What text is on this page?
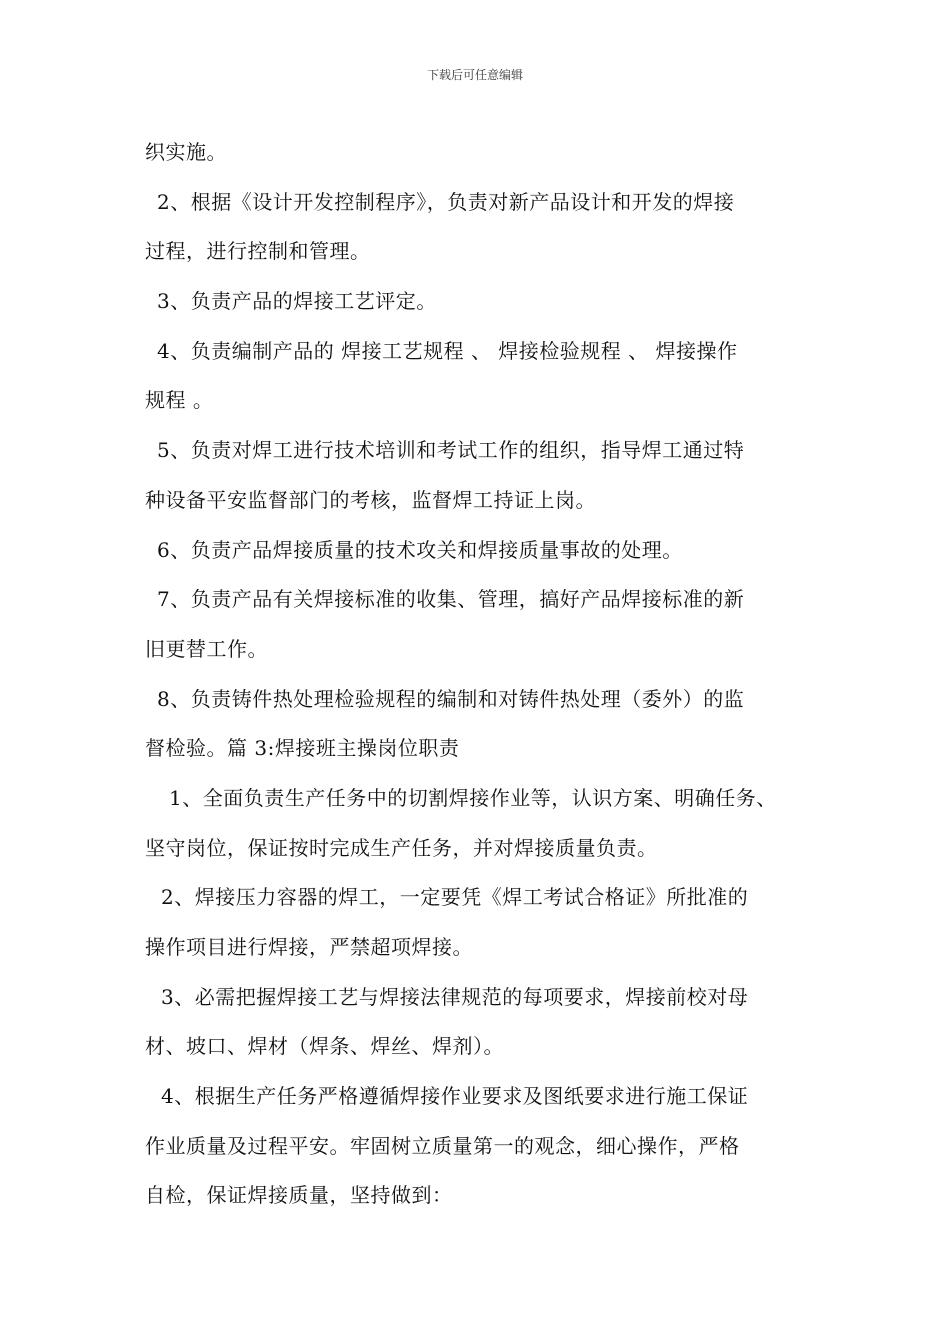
下载后可任意编辑
织实施。
2、根据《设计开发控制程序》，负责对新产品设计和开发的焊接
过程，进行控制和管理。
3、负责产品的焊接工艺评定。
4、负责编制产品的 焊接工艺规程 、 焊接检验规程 、 焊接操作
规程 。
5、负责对焊工进行技术培训和考试工作的组织，指导焊工通过特
种设备平安监督部门的考核，监督焊工持证上岗。
6、负责产品焊接质量的技术攻关和焊接质量事故的处理。
7、负责产品有关焊接标准的收集、管理，搞好产品焊接标准的新
旧更替工作。
8、负责铸件热处理检验规程的编制和对铸件热处理（委外）的监
督检验。篇 3:焊接班主操岗位职责
1、全面负责生产任务中的切割焊接作业等，认识方案、明确任务、
坚守岗位，保证按时完成生产任务，并对焊接质量负责。
2、焊接压力容器的焊工，一定要凭《焊工考试合格证》所批准的
操作项目进行焊接，严禁超项焊接。
3、必需把握焊接工艺与焊接法律规范的每项要求，焊接前校对母
材、坡口、焊材（焊条、焊丝、焊剂）。
4、根据生产任务严格遵循焊接作业要求及图纸要求进行施工保证
作业质量及过程平安。牢固树立质量第一的观念，细心操作，严格
自检，保证焊接质量，坚持做到：
